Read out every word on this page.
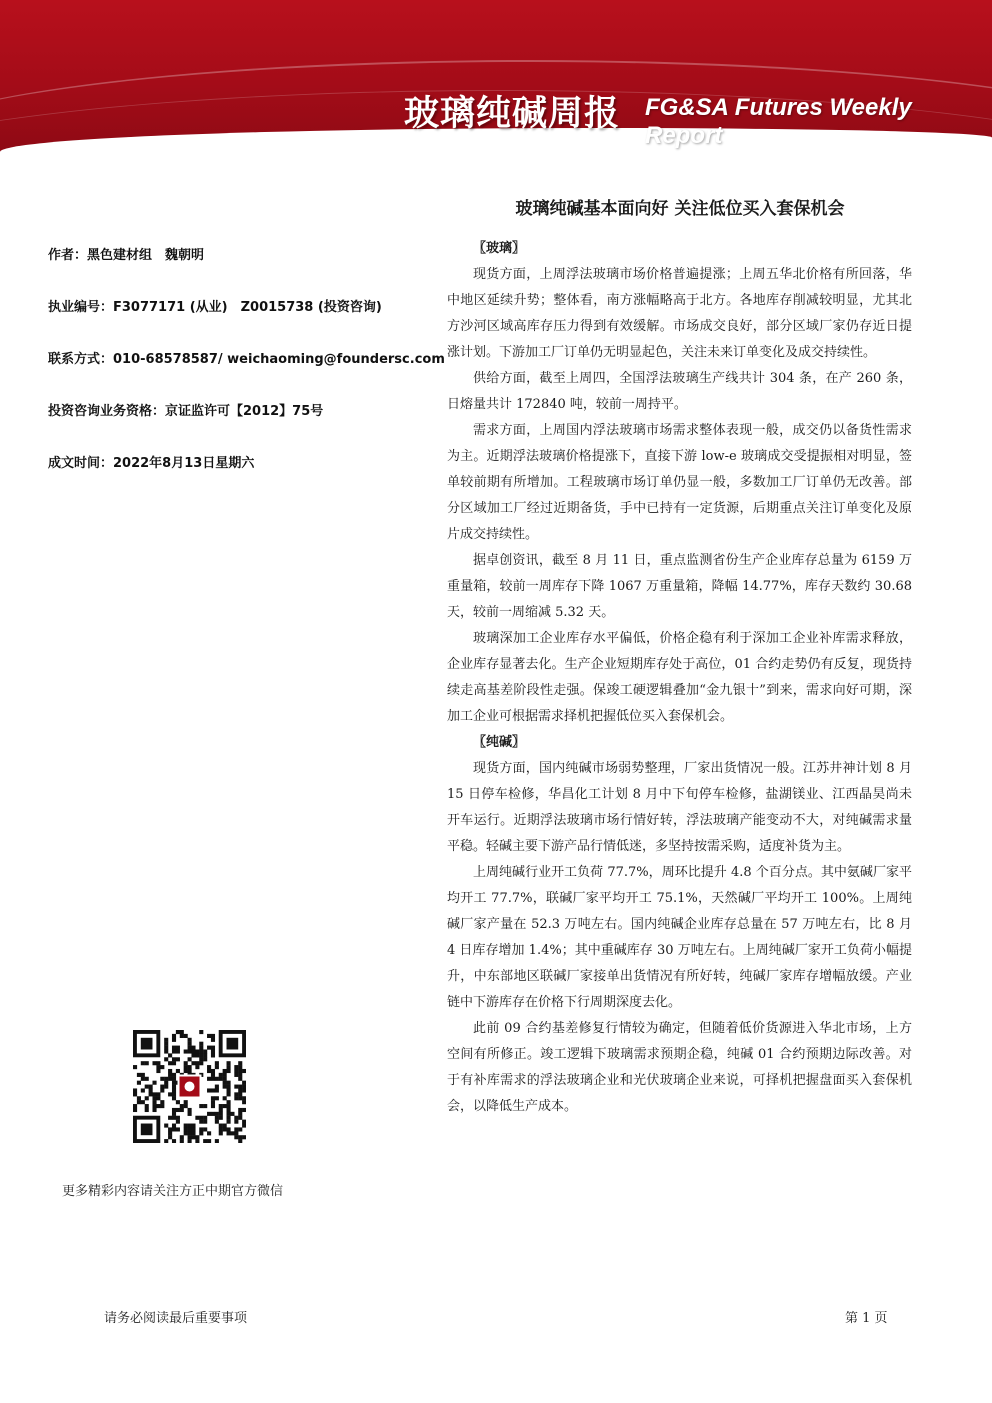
玻璃纯碱周报 FG&SA Futures Weekly Report
玻璃纯碱基本面向好 关注低位买入套保机会
作者：黑色建材组　魏朝明
执业编号：F3077171 (从业)　Z0015738 (投资咨询)
联系方式：010-68578587/ weichaoming@foundersc.com
投资咨询业务资格：京证监许可【2012】75号
成文时间：2022年8月13日星期六
更多精彩内容请关注方正中期官方微信
〖玻璃〗

现货方面，上周浮法玻璃市场价格普遍提涨；上周五华北价格有所回落，华中地区延续升势；整体看，南方涨幅略高于北方。各地库存削减较明显，尤其北方沙河区域高库存压力得到有效缓解。市场成交良好，部分区域厂家仍存近日提涨计划。下游加工厂订单仍无明显起色，关注未来订单变化及成交持续性。

供给方面，截至上周四，全国浮法玻璃生产线共计 304 条，在产 260 条，日熔量共计 172840 吨，较前一周持平。

需求方面，上周国内浮法玻璃市场需求整体表现一般，成交仍以备货性需求为主。近期浮法玻璃价格提涨下，直接下游 low-e 玻璃成交受提振相对明显，签单较前期有所增加。工程玻璃市场订单仍显一般，多数加工厂订单仍无改善。部分区域加工厂经过近期备货，手中已持有一定货源，后期重点关注订单变化及原片成交持续性。

据卓创资讯，截至 8 月 11 日，重点监测省份生产企业库存总量为 6159 万重量箱，较前一周库存下降 1067 万重量箱，降幅 14.77%，库存天数约 30.68 天，较前一周缩减 5.32 天。

玻璃深加工企业库存水平偏低，价格企稳有利于深加工企业补库需求释放，企业库存显著去化。生产企业短期库存处于高位，01 合约走势仍有反复，现货持续走高基差阶段性走强。保竣工硬逻辑叠加“金九银十”到来，需求向好可期，深加工企业可根据需求择机把握低位买入套保机会。

〖纯碱〗

现货方面，国内纯碱市场弱势整理，厂家出货情况一般。江苏井神计划 8 月 15 日停车检修，华昌化工计划 8 月中下旬停车检修，盐湖镁业、江西晶昊尚未开车运行。近期浮法玻璃市场行情好转，浮法玻璃产能变动不大，对纯碱需求量平稳。轻碱主要下游产品行情低迷，多坚持按需采购，适度补货为主。

上周纯碱行业开工负荷 77.7%，周环比提升 4.8 个百分点。其中氨碱厂家平均开工 77.7%，联碱厂家平均开工 75.1%，天然碱厂平均开工 100%。上周纯碱厂家产量在 52.3 万吨左右。国内纯碱企业库存总量在 57 万吨左右，比 8 月 4 日库存增加 1.4%；其中重碱库存 30 万吨左右。上周纯碱厂家开工负荷小幅提升，中东部地区联碱厂家接单出货情况有所好转，纯碱厂家库存增幅放缓。产业链中下游库存在价格下行周期深度去化。

此前 09 合约基差修复行情较为确定，但随着低价货源进入华北市场，上方空间有所修正。竣工逻辑下玻璃需求预期企稳，纯碱 01 合约预期边际改善。对于有补库需求的浮法玻璃企业和光伏玻璃企业来说，可择机把握盘面买入套保机会，以降低生产成本。

请务必阅读最后重要事项	第 1 页
